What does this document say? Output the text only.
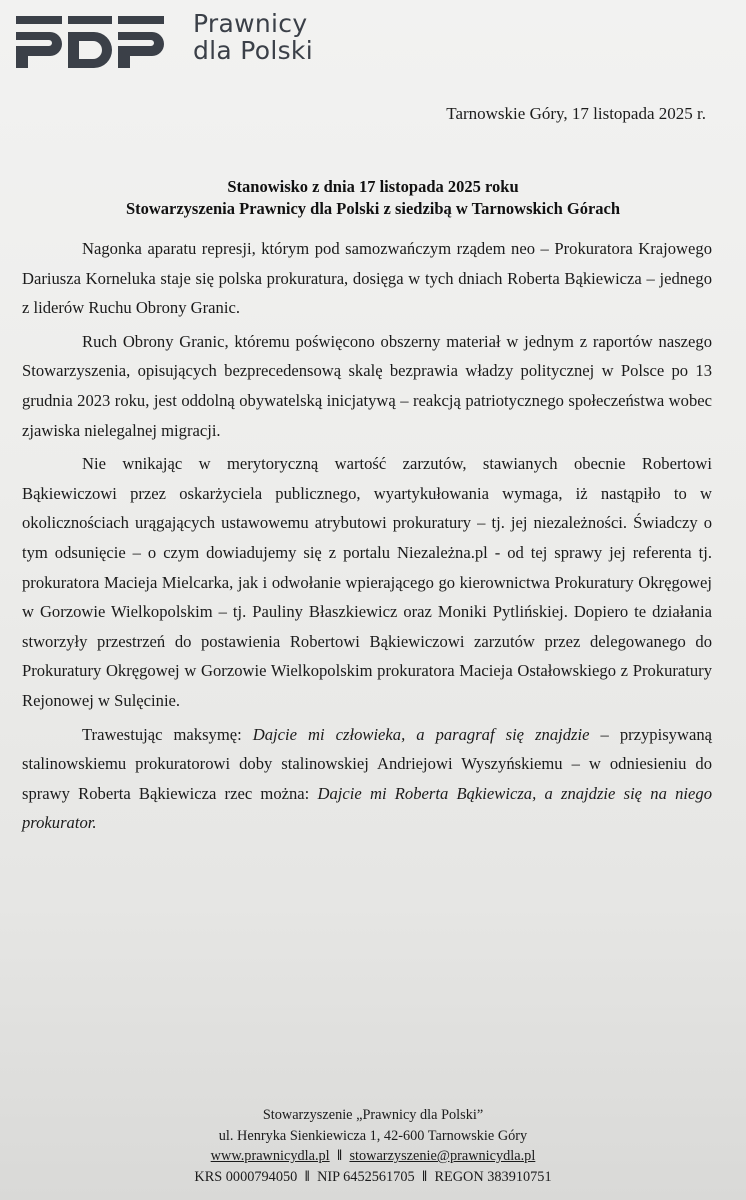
Prawnicy
dla Polski
Tarnowskie Góry, 17 listopada 2025 r.
Stanowisko z dnia 17 listopada 2025 roku
Stowarzyszenia Prawnicy dla Polski z siedzibą w Tarnowskich Górach

Nagonka aparatu represji, którym pod samozwańczym rządem neo – Prokuratora Krajowego Dariusza Korneluka staje się polska prokuratura, dosięga w tych dniach Roberta Bąkiewicza – jednego z liderów Ruchu Obrony Granic.

Ruch Obrony Granic, któremu poświęcono obszerny materiał w jednym z raportów naszego Stowarzyszenia, opisujących bezprecedensową skalę bezprawia władzy politycznej w Polsce po 13 grudnia 2023 roku, jest oddolną obywatelską inicjatywą – reakcją patriotycznego społeczeństwa wobec zjawiska nielegalnej migracji.

Nie wnikając w merytoryczną wartość zarzutów, stawianych obecnie Robertowi Bąkiewiczowi przez oskarżyciela publicznego, wyartykułowania wymaga, iż nastąpiło to w okolicznościach urągających ustawowemu atrybutowi prokuratury – tj. jej niezależności. Świadczy o tym odsunięcie – o czym dowiadujemy się z portalu Niezależna.pl - od tej sprawy jej referenta tj. prokuratora Macieja Mielcarka, jak i odwołanie wpierającego go kierownictwa Prokuratury Okręgowej w Gorzowie Wielkopolskim – tj. Pauliny Błaszkiewicz oraz Moniki Pytlińskiej. Dopiero te działania stworzyły przestrzeń do postawienia Robertowi Bąkiewiczowi zarzutów przez delegowanego do Prokuratury Okręgowej w Gorzowie Wielkopolskim prokuratora Macieja Ostałowskiego z Prokuratury Rejonowej w Sulęcinie.

Trawestując maksymę: Dajcie mi człowieka, a paragraf się znajdzie – przypisywaną stalinowskiemu prokuratorowi doby stalinowskiej Andriejowi Wyszyńskiemu – w odniesieniu do sprawy Roberta Bąkiewicza rzec można: Dajcie mi Roberta Bąkiewicza, a znajdzie się na niego prokurator.

Stowarzyszenie „Prawnicy dla Polski”
ul. Henryka Sienkiewicza 1, 42-600 Tarnowskie Góry
www.prawnicydla.pl ‖ stowarzyszenie@prawnicydla.pl
KRS 0000794050 ‖ NIP 6452561705 ‖ REGON 383910751
